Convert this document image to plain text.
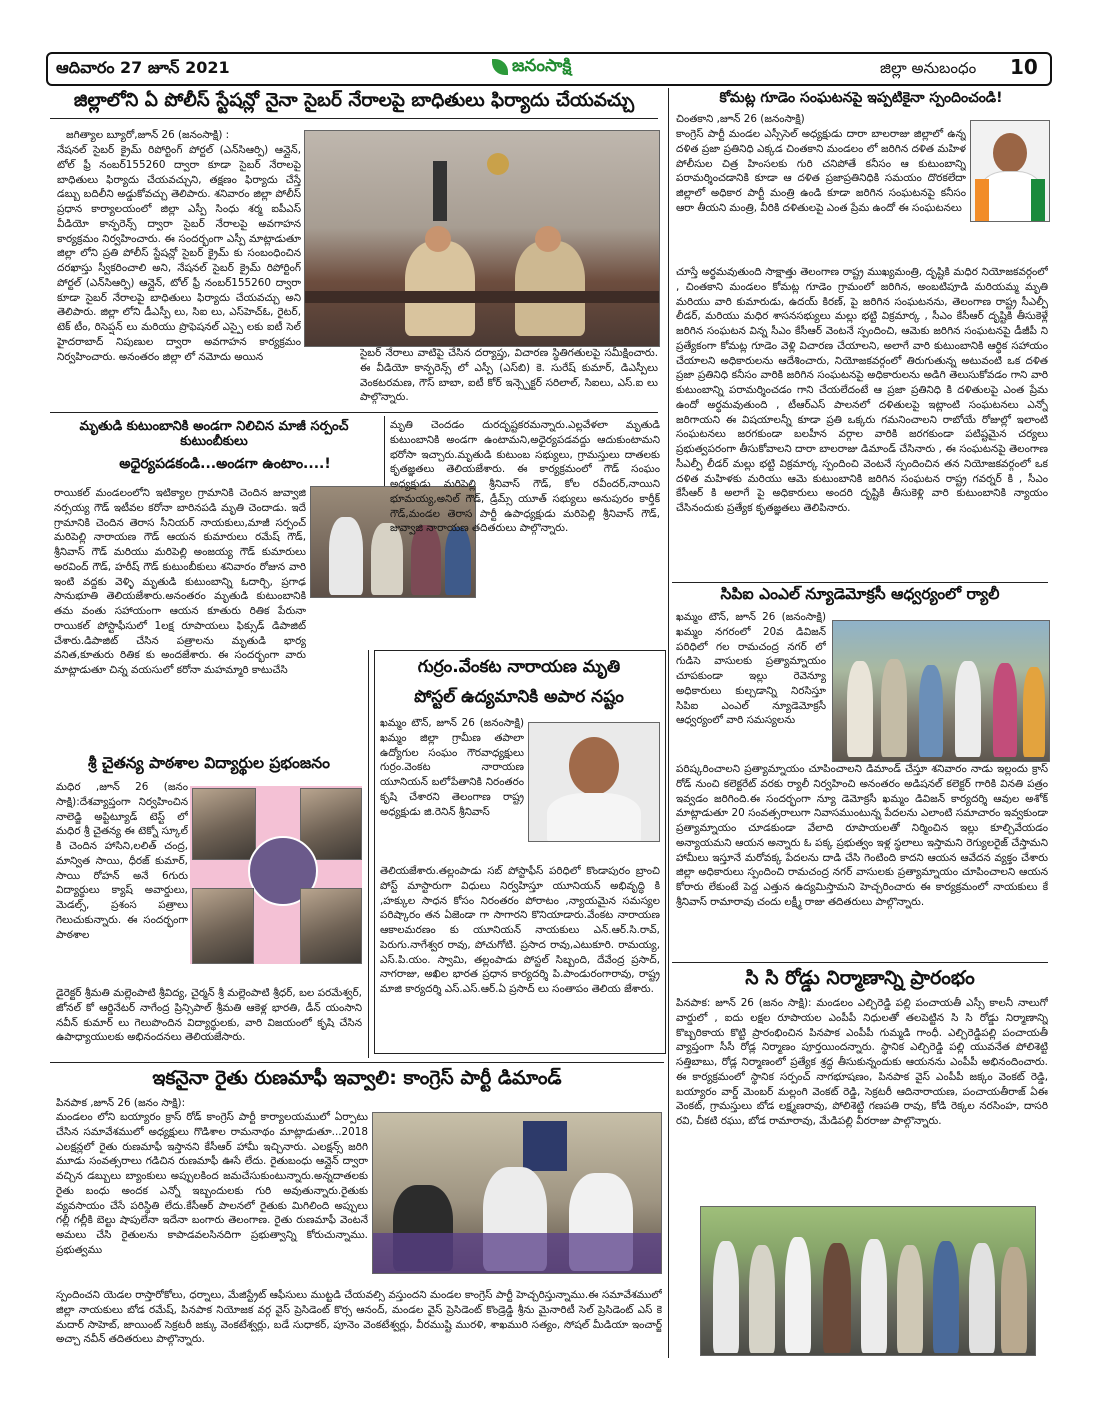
ఆదివారం 27 జూన్ 2021	జనంసాక్షి	జిల్లా అనుబంధం 10
జిల్లాలోని ఏ పోలీస్ స్టేషన్లో నైనా సైబర్ నేరాలపై బాధితులు ఫిర్యాదు చేయవచ్చు
జగిత్యాల బ్యూరో,జూన్ 26 (జనంసాక్షి) :
నేషనల్ సైబర్ క్రైమ్ రిపోర్టింగ్ పోర్టల్ (ఎన్‌సిఆర్పి) ఆన్లైన్, టోల్ ఫ్రీ నంబర్155260 ద్వారా కూడా సైబర్ నేరాలపై బాధితులు ఫిర్యాదు చేయవచ్చుని, తక్షణం ఫిర్యాదు చేస్తే డబ్బు బదిలీని అడ్డుకోవచ్చు తెలిపారు. శనివారం జిల్లా పోలీస్ ప్రధాన కార్యాలయంలో జిల్లా ఎస్పీ సింధు శర్మ ఐపీఎస్ వీడియో కాన్ఫరెన్స్ ద్వారా సైబర్ నేరాలపై అవగాహన కార్యక్రమం నిర్వహించారు. ఈ సందర్భంగా ఎస్పీ మాట్లాడుతూ జిల్లా లోని ప్రతి పోలీస్ స్టేషన్లో సైబర్ క్రైమ్ కు సంబంధించిన దరఖాస్తు స్వీకరించాలి అని, నేషనల్ సైబర్ క్రైమ్ రిపోర్టింగ్ పోర్టల్ (ఎన్‌సిఆర్పి) ఆన్లైన్, టోల్ ఫ్రీ నంబర్155260 ద్వారా కూడా సైబర్ నేరాలపై బాధితులు ఫిర్యాదు చేయవచ్చు అని తెలిపారు. జిల్లా లోని డీఎస్పీ లు, సిఐ లు, ఎస్‌హెచ్ఓ, రైటర్, టెక్ టీం, రిసెప్షన్ లు మరియు ప్రొఫెషనల్ ఎస్పై లకు ఐటీ సెల్ హైదరాబాద్ నిపుణుల ద్వారా అవగాహన కార్యక్రమం నిర్వహించారు. అనంతరం జిల్లా లో నమోదు అయిన	సైబర్ నేరాలు వాటిపై చేసిన దర్యాప్తు, విచారణ స్థితిగతులపై సమీక్షించారు. ఈ వీడియో కాన్ఫరెన్స్ లో ఎస్పీ (ఎస్‌బి) కె. సురేష్ కుమార్, డిఎస్పీలు వెంకటరమణ, గౌస్ బాబా, ఐటీ కోర్ ఇన్స్పెక్టర్ సరిలాల్, సిఐలు, ఎస్.ఐ లు పాల్గొన్నారు.
మృతుడి కుటుంబానికి అండగా నిలిచిన మాజీ సర్పంచ్ కుటుంబీకులు
అధైర్యపడకండి...అండగా ఉంటాం....!
రాయికల్ మండలంలోని ఇటిక్యాల గ్రామానికి చెందిన జువ్వాజి నర్సయ్య గౌడ్ ఇటీవల కరోనా బారినపడి మృతి చెందాడు. ఇదే గ్రామానికి చెందిన తెరాస సీనియర్ నాయకులు,మాజీ సర్పంచ్ మరిపెల్లి నారాయణ గౌడ్ ఆయన కుమారులు రమేష్ గౌడ్, శ్రీనివాస్ గౌడ్ మరియు మరిపెల్లి అంజయ్య గౌడ్ కుమారులు అరవింద్ గౌడ్, హరీష్ గౌడ్ కుటుంబీకులు శనివారం రోజున వారి ఇంటి వద్దకు వెళ్ళి మృతుడి కుటుంబాన్ని ఓదార్చి, ప్రగాఢ సానుభూతి తెలియజేశారు.అనంతరం మృతుడి కుటుంబానికి తమ వంతు సహాయంగా ఆయన కూతురు రితిక పేరునా రాయికల్ పోస్టాఫీసులో 1లక్ష రూపాయలు ఫిక్సుడ్ డిపాజిట్ చేశారు.డిపాజిట్ చేసిన పత్రాలను మృతుడి భార్య వనిత,కూతురు రితిక కు అందజేశారు. ఈ సందర్భంగా వారు మాట్లాడుతూ చిన్న వయసులో కరోనా మహమ్మారి కాటుచేసి
మృతి చెందడం దురదృష్టకరమన్నారు.ఎల్లవేళలా మృతుడి కుటుంబానికి అండగా ఉంటామని,అధైర్యపడవద్దు ఆదుకుంటామని భరోసా ఇచ్చారు.మృతుడి కుటుంబ సభ్యులు, గ్రామస్తులు దాతలకు కృతజ్ఞతలు తెలియజేశారు. ఈ కార్యక్రమంలో గౌడ్ సంఘం అధ్యక్షుడు మరిపెల్లి శ్రీనివాస్ గౌడ్, కోల రవీందర్,నాయిని భూమయ్య,అనిల్ గౌడ్, డ్రీమ్స్ యూత్ సభ్యులు అనుపురం కార్తీక్ గౌడ్,మండల తెరాస పార్టీ ఉపాధ్యక్షుడు మరిపెల్లి శ్రీనివాస్ గౌడ్, జువ్వాజి నారాయణ తదితరులు పాల్గొన్నారు.
శ్రీ చైతన్య పాఠశాల విద్యార్థుల ప్రభంజనం
మధిర ,జూన్ 26 (జనం సాక్షి):దేశవ్యాప్తంగా నిర్వహించిన నాలెడ్జి అప్టిట్యూడ్ టెస్ట్ లో మధిర శ్రీ చైతన్య ఈ టెక్నో స్కూల్ కి చెందిన హాసిని,లలిత్ చంద్ర, మాన్విత సాయి, ధీరజ్ కుమార్, సాయి రోహన్ అనే 6గురు విద్యార్థులు క్యాష్ అవార్డులు, మెడల్స్, ప్రశంస పత్రాలు గెలుచుకున్నారు. ఈ సందర్భంగా పాఠశాల
డైరెక్టర్ శ్రీమతి మల్లెంపాటి శ్రీవిద్య, చైర్మన్ శ్రీ మల్లెంపాటి శ్రీధర్, బల పరమేశ్వర్, జోనల్ కో ఆర్డినేటర్ నాగేంద్ర ప్రిన్సిపాల్ శ్రీమతి ఆకెళ్ల భారతి, డీన్ యంసాని నవీన్ కుమార్ లు గెలుపొందిన విద్యార్థులకు, వారి విజయంలో కృషి చేసిన ఉపాధ్యాయులకు అభినందనలు తెలియజేసారు.
గుర్రం.వేంకట నారాయణ మృతి
పోస్టల్ ఉద్యమానికి అపార నష్టం
ఖమ్మం టౌన్, జూన్ 26 (జనంసాక్షి) ఖమ్మం జిల్లా గ్రామీణ తపాలా ఉద్యోగుల సంఘం గౌరవాధ్యక్షులు గుర్రం.వెంకట నారాయణ యూనియన్ బలోపేతానికి నిరంతరం కృషి చేశారని తెలంగాణ రాష్ట్ర అధ్యక్షుడు జి.రెనిన్ శ్రీనివాస్
తెలియజేశారు.తల్లంపాడు సబ్ పోస్టాఫీస్ పరిధిలో కొండాపురం బ్రాంచి పోస్ట్ మాస్టారుగా విధులు నిర్వహిస్తూ యూనియన్ అభివృద్ధి కి ,హక్కుల సాధన కోసం నిరంతరం పోరాటం ,న్యాయమైన సమస్యల పరిష్కారం తన ఏజెండా గా సాగారని కొనియాడారు.వేంకట నారాయణ ఆకాలమరణం కు యూనియన్ నాయకులు ఎన్.ఆర్.సి.రావ్, పెరుగు.నాగేశ్వర రావు, పోచుగోటి. ప్రసాద రావు,ఎటుకూరి. రామయ్య, ఎస్.పి.యం. స్వామి, తల్లంపాడు పోస్టల్ సిబ్బంది, దేవేంద్ర ప్రసాద్, నాగరాజు, అఖిల భారత ప్రధాన కార్యదర్శి పి.పాండురంగారావు, రాష్ట్ర మాజి కార్యదర్శి ఎస్.ఎస్.ఆర్.ఏ ప్రసాద్ లు సంతాపం తెలియ జేశారు.
ఇకనైనా రైతు రుణమాఫీ ఇవ్వాలి: కాంగ్రెస్ పార్టీ డిమాండ్
పినపాక ,జూన్ 26 (జనం సాక్షి):
మండలం లోని బయ్యారం క్రాస్ రోడ్ కాంగ్రెస్ పార్టీ కార్యాలయములో ఏర్పాటు చేసిన సమావేశములో అధ్యక్షులు గొడిశాల రామనాథం మాట్లాడుతూ...2018 ఎలక్షన్లలో రైతు రుణమాఫీ ఇస్తానని కేసీఆర్ హామీ ఇచ్చినారు. ఎలక్షన్స్ జరిగి మూడు సంవత్సరాలు గడిచిన రుణమాఫీ ఊసే లేదు. రైతుబంధు ఆన్లైన్ ద్వారా వచ్చిన డబ్బులు బ్యాంకులు అప్పులకింద జమచేసుకుంటున్నారు.అన్నదాతలకు రైతు బంధు అందక ఎన్నో ఇబ్బందులకు గురి అవుతున్నారు.రైతుకు వ్యవసాయం చేసే పరిస్థితి లేదు.కేసీఆర్ పాలనలో రైతుకు మిగిలింది అప్పులు గల్లీ గల్లీకి బెల్టు షాపులేనా ఇదేనా బంగారు తెలంగాణ. రైతు రుణమాఫీ వెంటనే అమలు చేసి రైతులను కాపాడవలసినదిగా ప్రభుత్వాన్ని కోరుచున్నాము. ప్రభుత్వము
స్పందించని యెడల రాస్తారోకోలు, ధర్నాలు, మేజిస్ట్రేట్ ఆఫీసులు ముట్టడి చేయవల్సి వస్తుందని మండల కాంగ్రెస్ పార్టీ హెచ్చరిస్తున్నాము.ఈ సమావేశములో జిల్లా నాయకులు బోడ రమేష్, పినపాక నియోజక వర్గ వైస్ ప్రెసిడెంట్ కొర్స ఆనంద్, మండల వైస్ ప్రెసిడెంట్ కొండ్రెడ్డి శ్రీను మైనారిటీ సెల్ ప్రెసిడెంట్ ఎస్ కె మదార్ సాహెబ్, జాయింట్ సెక్రటరీ జక్కు వెంకటేశ్వర్లు, బడే సుధాకర్, పూనెం వెంకటేశ్వర్లు, వీరముష్టి మురళి, శాఖమురి సత్యం, సోషల్ మీడియా ఇంచార్జ్ అచ్చా నవీన్ తదితరులు పాల్గొన్నారు.
కోమట్ల గూడెం సంఘటనపై ఇప్పటికైనా స్పందించండి!
చింతకాని ,జూన్ 26 (జనంసాక్షి)
కాంగ్రెస్ పార్టీ మండల ఎస్సీసెల్ అధ్యక్షుడు దారా బాలరాజు జిల్లాలో ఉన్న దళిత ప్రజా ప్రతినిధి ఎక్కడ చింతకాని మండలం లో జరిగిన దళిత మహిళ పోలీసుల చిత్ర హింసలకు గురి చనిపోతే కనీసం ఆ కుటుంబాన్ని పరామర్శించడానికి కూడా ఆ దళిత ప్రజాప్రతినిధికి సమయం దొరకలేదా జిల్లాలో అధికార పార్టీ మంత్రి ఉండి కూడా జరిగిన సంఘటనపై కనీసం ఆరా తీయని మంత్రి, వీరికి దళితులపై ఎంత ప్రేమ ఉందో ఈ సంఘటనలు
చూస్తే అర్థమవుతుంది సాక్షాత్తు తెలంగాణ రాష్ట్ర ముఖ్యమంత్రి, దృష్టికి మధిర నియోజకవర్గంలో , చింతకాని మండలం కోమట్ల గూడెం గ్రామంలో జరిగిన, అంబటిపూడి మరియమ్మ మృతి మరియు వారి కుమారుడు, ఉదయ్ కిరణ్, పై జరిగిన సంఘటనను, తెలంగాణ రాష్ట్ర సీఎల్పీ లీడర్, మరియు మధిర శాసనసభ్యులు మల్లు భట్టి విక్రమార్క , సీఎం కేసీఆర్ దృష్టికి తీసుకెళ్లే జరిగిన సంఘటన విన్న సీఎం కేసీఆర్ వెంటనే స్పందించి, ఆమెకు జరిగిన సంఘటనపై డీజీపీ ని ప్రత్యేకంగా కోమట్ల గూడెం వెళ్లి విచారణ చేయాలని, అలాగే వారి కుటుంబానికి ఆర్థిక సహాయం చేయాలని అధికారులను ఆదేశించారు, నియోజకవర్గంలో తిరుగుతున్న అటువంటి ఒక దళిత ప్రజా ప్రతినిధి కనీసం వారికి జరిగిన సంఘటనపై అధికారులను అడిగి తెలుసుకోవడం గాని వారి కుటుంబాన్ని పరామర్శించడం గాని చేయలేదంటే ఆ ప్రజా ప్రతినిధి కి దళితులపై ఎంత ప్రేమ ఉందో అర్థమవుతుంది , టీఆర్ఎస్ పాలనలో దళితులపై ఇట్లాంటి సంఘటనలు ఎన్నో జరిగాయని ఈ విషయాలన్నీ కూడా ప్రతి ఒక్కరు గమనించాలని రాబోయే రోజుల్లో ఇలాంటి సంఘటనలు జరగకుండా బలహీన వర్గాల వారికి జరగకుండా పటిష్టమైన చర్యలు ప్రభుత్వపరంగా తీసుకోవాలని దారా బాలరాజు డిమాండ్ చేసినారు , ఈ సంఘటనపై తెలంగాణ సీఎల్పీ లీడర్ మల్లు భట్టి విక్రమార్క స్పందించి వెంటనే స్పందించిన తన నియోజకవర్గంలో ఒక దళిత మహిళకు మరియు ఆమె కుటుంబానికి జరిగిన సంఘటన రాష్ట్ర గవర్నర్ కి , సీఎం కేసీఆర్ కి అలాగే పై అధికారులు అందరి దృష్టికి తీసుకెళ్లి వారి కుటుంబానికి న్యాయం చేసినందుకు ప్రత్యేక కృతజ్ఞతలు తెలిపినారు.
సిపిఐ ఎంఎల్ న్యూడెమోక్రసీ ఆధ్వర్యంలో ర్యాలీ
ఖమ్మం టౌన్, జూన్ 26 (జనంసాక్షి) ఖమ్మం నగరంలో 20వ డివిజన్ పరిధిలో గల రామచంద్ర నగర్ లో గుడిసె వాసులకు ప్రత్యామ్నాయం చూపకుండా ఇల్లు రెవెన్యూ అధికారులు కుల్చడాన్ని నిరసిస్తూ సిపిఐ ఎంఎల్ న్యూడెమోక్రసీ ఆధ్వర్యంలో వారి సమస్యలను
పరిష్కరించాలని ప్రత్యామ్నాయం చూపించాలని డిమాండ్ చేస్తూ శనివారం నాడు ఇల్లందు క్రాస్ రోడ్ నుంచి కలెక్టరేట్ వరకు ర్యాలీ నిర్వహించి అనంతరం అడిషనల్ కలెక్టర్ గారికి వినతి పత్రం ఇవ్వడం జరిగింది.ఈ సందర్భంగా న్యూ డెమోక్రసీ ఖమ్మం డివిజన్ కార్యదర్శి ఆవుల అశోక్ మాట్లాడుతూ 20 సంవత్సరాలుగా నివాసముంటున్న పేదలను ఎలాంటి సమాచారం ఇవ్వకుండా ప్రత్యామ్నాయం చూడకుండా వేలాది రూపాయలతో నిర్మించిన ఇల్లు కూల్చివేయడం అన్యాయమని ఆయన అన్నారు ఓ పక్క ప్రభుత్వం ఇళ్ల స్థలాలు ఇస్తామని రెగ్యులరైజ్ చేస్తామని హామీలు ఇస్తూనే మరోవక్క పేదలను దాడి చేసి గెంటింది కాదని ఆయన ఆవేదన వ్యక్తం చేశారు జిల్లా అధికారులు స్పందించి రామచంద్ర నగర్ వాసులకు ప్రత్యామ్నాయం చూపించాలని ఆయన కోరారు లేకుంటే పెద్ద ఎత్తున ఉద్యమిస్తామని హెచ్చరించారు ఈ కార్యక్రమంలో నాయకులు కే శ్రీనివాస్ రామారావు చందు లక్ష్మీ రాజు తదితరులు పాల్గొన్నారు.
సి సి రోడ్డు నిర్మాణాన్ని ప్రారంభం
పినపాక: జూన్ 26 (జనం సాక్షి): మండలం ఎల్చిరెడ్డి పల్లి పంచాయతీ ఎస్సీ కాలనీ నాలుగో వార్డులో , ఐదు లక్షల రూపాయల ఎంపీపీ నిధులతో తలపెట్టిన సి సి రోడ్డు నిర్మాణాన్ని కొబ్బరికాయ కొట్టి ప్రారంభించిన పినపాక ఎంపీపీ గుమ్మడి గాంధీ. ఎల్చిరెడ్డిపల్లి పంచాయతీ వ్యాప్తంగా సీసీ రోడ్ల నిర్మాణం పూర్తయిందన్నారు. స్థానిక ఎల్చిరెడ్డి పల్లి యువనేత పోలిశెట్టి సత్తిబాబు, రోడ్ల నిర్మాణంలో ప్రత్యేక శ్రద్ధ తీసుకున్నందుకు ఆయనను ఎంపీపీ అభినందించారు. ఈ కార్యక్రమంలో స్థానిక సర్పంచ్ నాగభూషణం, పినపాక వైస్ ఎంపీపీ జక్కం వెంకట్ రెడ్డి, బయ్యారం వార్డ్ మెంబర్ మల్లంగి వెంకట్ రెడ్డి, సెక్రటరీ ఆదినారాయణ, పంచాయతీరాజ్ ఏఈ వెంకట్, గ్రామస్తులు బోడ లక్ష్మణరావు, పోలిశెట్టి గణపతి రావు, కోడి రెక్కల నరసింహ, దాసరి రవి, చీకటి రఘు, బోడ రామారావు, మేడిపల్లి వీరరాజు పాల్గొన్నారు.
